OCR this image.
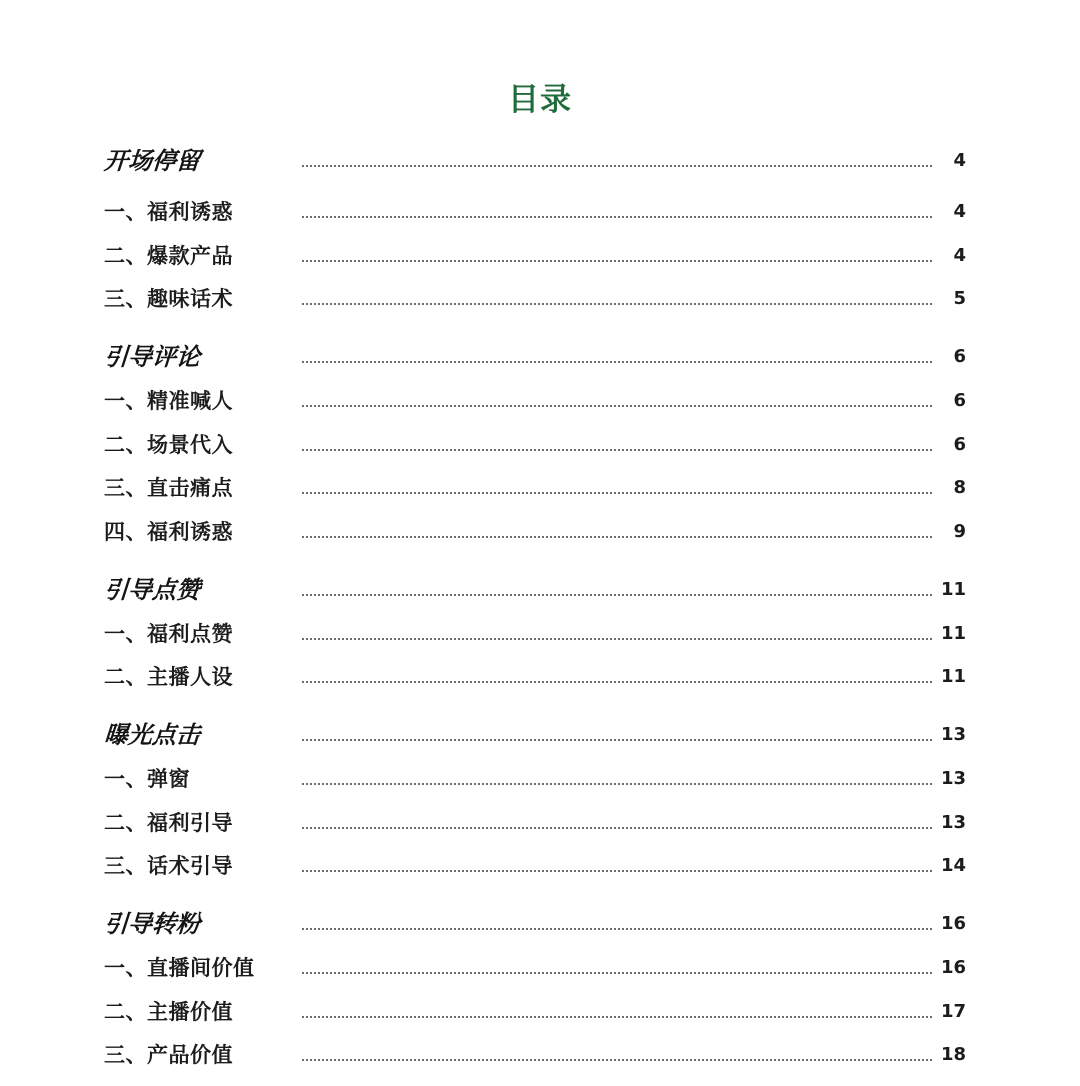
目录
开场停留	4
一、福利诱惑	4
二、爆款产品	4
三、趣味话术	5
引导评论	6
一、精准喊人	6
二、场景代入	6
三、直击痛点	8
四、福利诱惑	9
引导点赞	11
一、福利点赞	11
二、主播人设	11
曝光点击	13
一、弹窗	13
二、福利引导	13
三、话术引导	14
引导转粉	16
一、直播间价值	16
二、主播价值	17
三、产品价值	18
